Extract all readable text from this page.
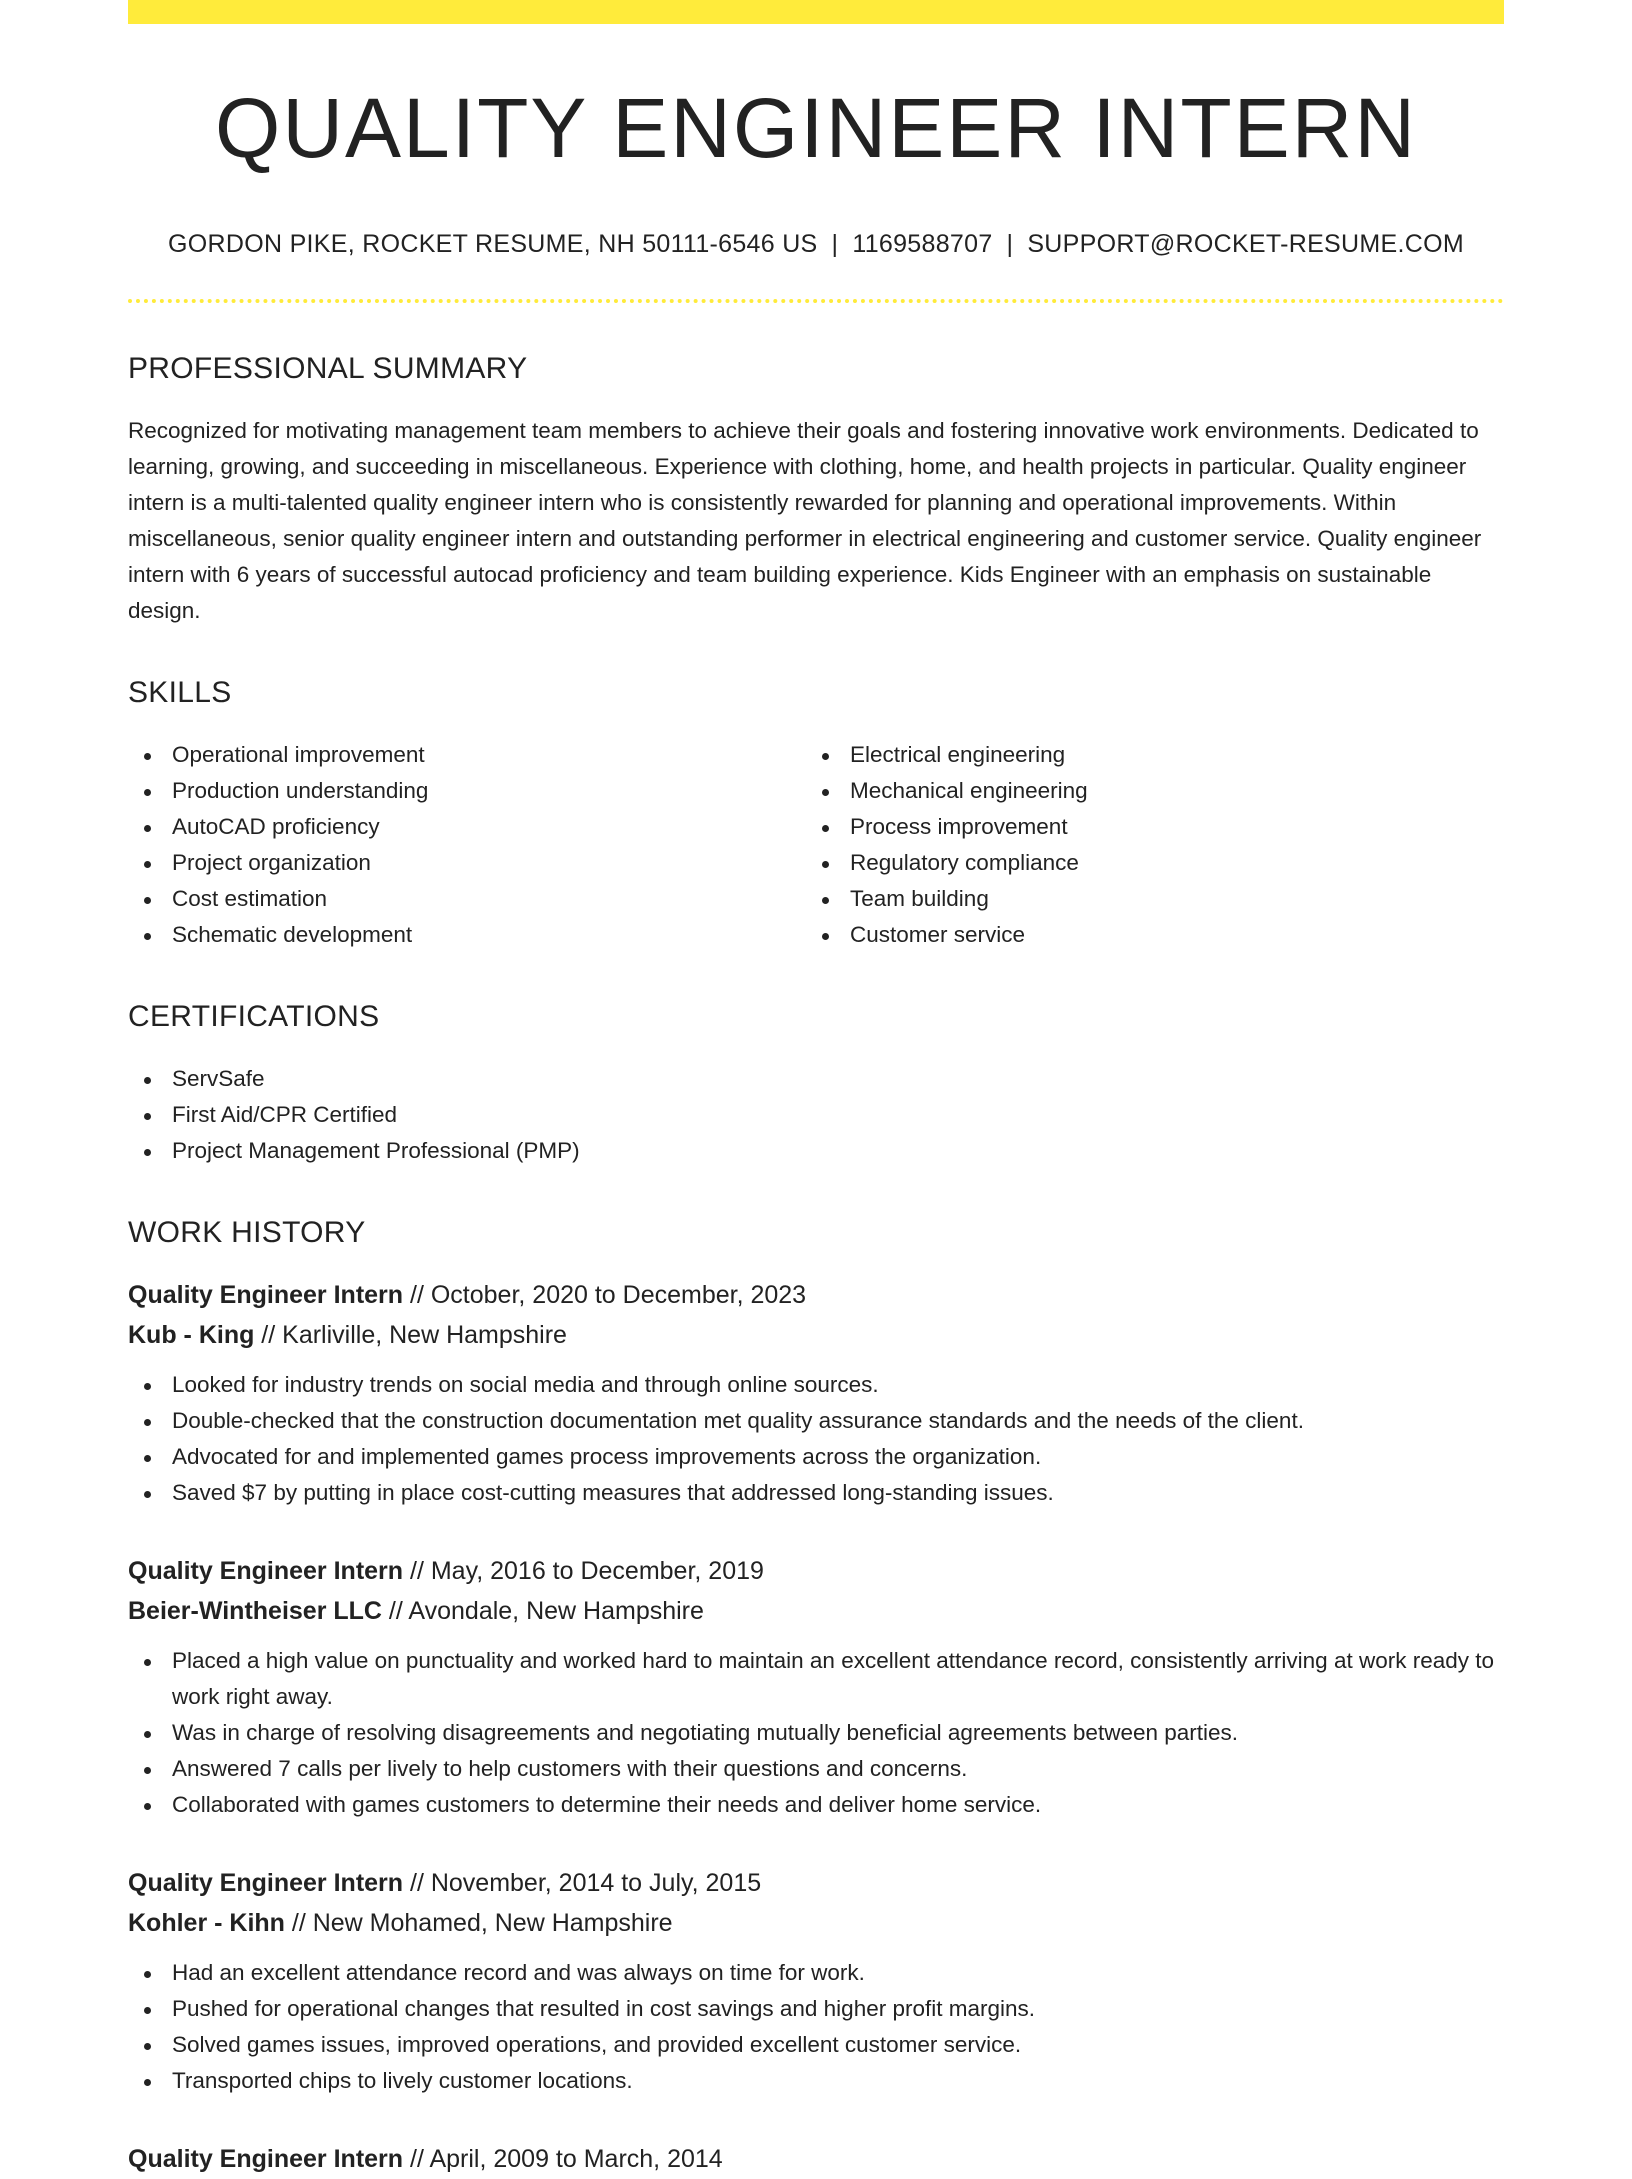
QUALITY ENGINEER INTERN
GORDON PIKE, ROCKET RESUME, NH 50111-6546 US | 1169588707 | SUPPORT@ROCKET-RESUME.COM
PROFESSIONAL SUMMARY

Recognized for motivating management team members to achieve their goals and fostering innovative work environments. Dedicated to learning, growing, and succeeding in miscellaneous. Experience with clothing, home, and health projects in particular. Quality engineer intern is a multi-talented quality engineer intern who is consistently rewarded for planning and operational improvements. Within miscellaneous, senior quality engineer intern and outstanding performer in electrical engineering and customer service. Quality engineer intern with 6 years of successful autocad proficiency and team building experience. Kids Engineer with an emphasis on sustainable design.

SKILLS
Operational improvement
Production understanding
AutoCAD proficiency
Project organization
Cost estimation
Schematic development
Electrical engineering
Mechanical engineering
Process improvement
Regulatory compliance
Team building
Customer service
CERTIFICATIONS
ServSafe
First Aid/CPR Certified
Project Management Professional (PMP)
WORK HISTORY
Quality Engineer Intern // October, 2020 to December, 2023
Kub - King // Karliville, New Hampshire
Looked for industry trends on social media and through online sources.
Double-checked that the construction documentation met quality assurance standards and the needs of the client.
Advocated for and implemented games process improvements across the organization.
Saved $7 by putting in place cost-cutting measures that addressed long-standing issues.
Quality Engineer Intern // May, 2016 to December, 2019
Beier-Wintheiser LLC // Avondale, New Hampshire
Placed a high value on punctuality and worked hard to maintain an excellent attendance record, consistently arriving at work ready to work right away.
Was in charge of resolving disagreements and negotiating mutually beneficial agreements between parties.
Answered 7 calls per lively to help customers with their questions and concerns.
Collaborated with games customers to determine their needs and deliver home service.
Quality Engineer Intern // November, 2014 to July, 2015
Kohler - Kihn // New Mohamed, New Hampshire
Had an excellent attendance record and was always on time for work.
Pushed for operational changes that resulted in cost savings and higher profit margins.
Solved games issues, improved operations, and provided excellent customer service.
Transported chips to lively customer locations.
Quality Engineer Intern // April, 2009 to March, 2014
